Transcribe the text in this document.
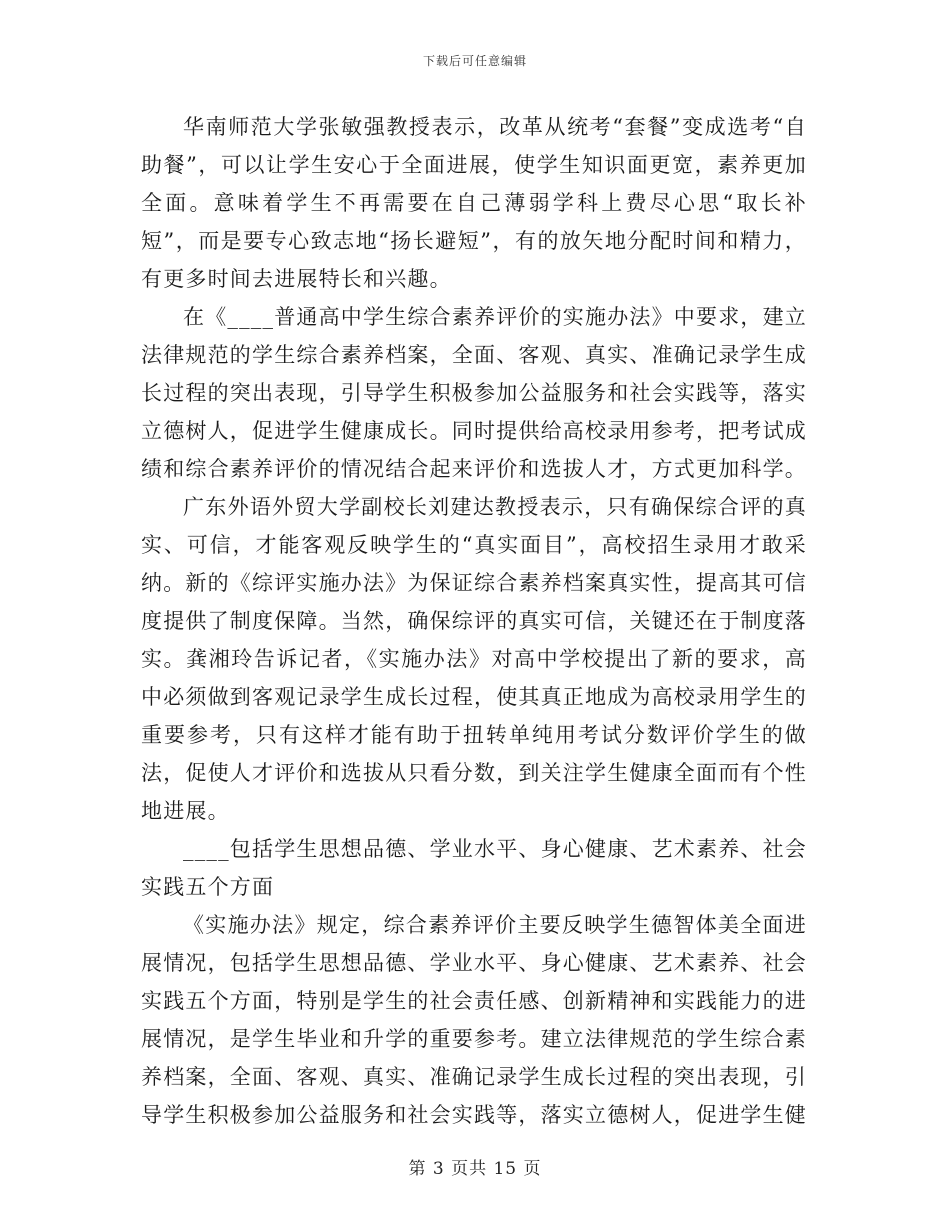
下载后可任意编辑

华南师范大学张敏强教授表示，改革从统考“套餐”变成选考“自助餐”，可以让学生安心于全面进展，使学生知识面更宽，素养更加全面。意味着学生不再需要在自己薄弱学科上费尽心思“取长补短”，而是要专心致志地“扬长避短”，有的放矢地分配时间和精力，有更多时间去进展特长和兴趣。

在《____普通高中学生综合素养评价的实施办法》中要求，建立法律规范的学生综合素养档案，全面、客观、真实、准确记录学生成长过程的突出表现，引导学生积极参加公益服务和社会实践等，落实立德树人，促进学生健康成长。同时提供给高校录用参考，把考试成绩和综合素养评价的情况结合起来评价和选拔人才，方式更加科学。

广东外语外贸大学副校长刘建达教授表示，只有确保综合评的真实、可信，才能客观反映学生的“真实面目”，高校招生录用才敢采纳。新的《综评实施办法》为保证综合素养档案真实性，提高其可信度提供了制度保障。当然，确保综评的真实可信，关键还在于制度落实。龚湘玲告诉记者，《实施办法》对高中学校提出了新的要求，高中必须做到客观记录学生成长过程，使其真正地成为高校录用学生的重要参考，只有这样才能有助于扭转单纯用考试分数评价学生的做法，促使人才评价和选拔从只看分数，到关注学生健康全面而有个性地进展。

____包括学生思想品德、学业水平、身心健康、艺术素养、社会实践五个方面

《实施办法》规定，综合素养评价主要反映学生德智体美全面进展情况，包括学生思想品德、学业水平、身心健康、艺术素养、社会实践五个方面，特别是学生的社会责任感、创新精神和实践能力的进展情况，是学生毕业和升学的重要参考。建立法律规范的学生综合素养档案，全面、客观、真实、准确记录学生成长过程的突出表现，引导学生积极参加公益服务和社会实践等，落实立德树人，促进学生健

第 3 页共 15 页
